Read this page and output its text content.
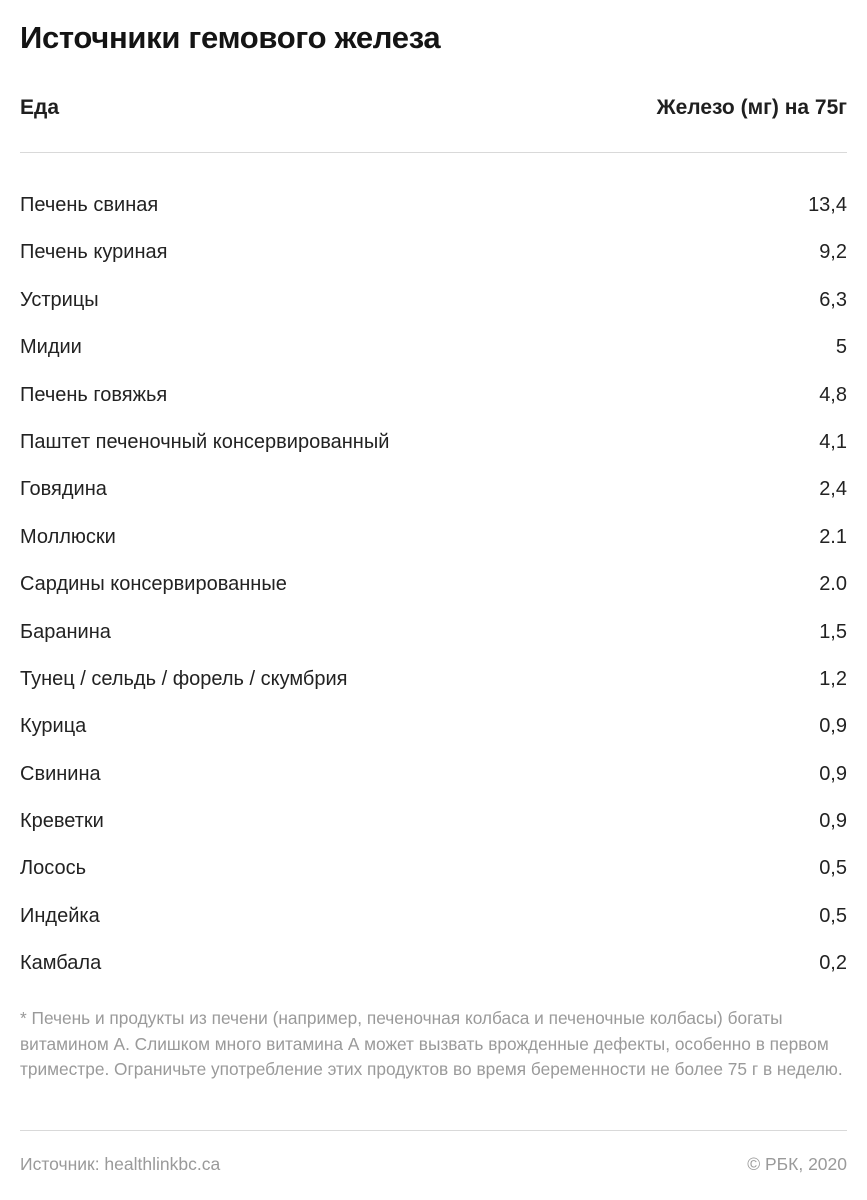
Источники гемового железа
Еда	Железо (мг) на 75г
Печень свиная	13,4
Печень куриная	9,2
Устрицы	6,3
Мидии	5
Печень говяжья	4,8
Паштет печеночный консервированный	4,1
Говядина	2,4
Моллюски	2.1
Сардины консервированные	2.0
Баранина	1,5
Тунец / сельдь / форель / скумбрия	1,2
Курица	0,9
Свинина	0,9
Креветки	0,9
Лосось	0,5
Индейка	0,5
Камбала	0,2

* Печень и продукты из печени (например, печеночная колбаса и печеночные колбасы) богаты витамином А. Слишком много витамина А может вызвать врожденные дефекты, особенно в первом триместре. Ограничьте употребление этих продуктов во время беременности не более 75 г в неделю.

Источник: healthlinkbc.ca	© РБК, 2020
